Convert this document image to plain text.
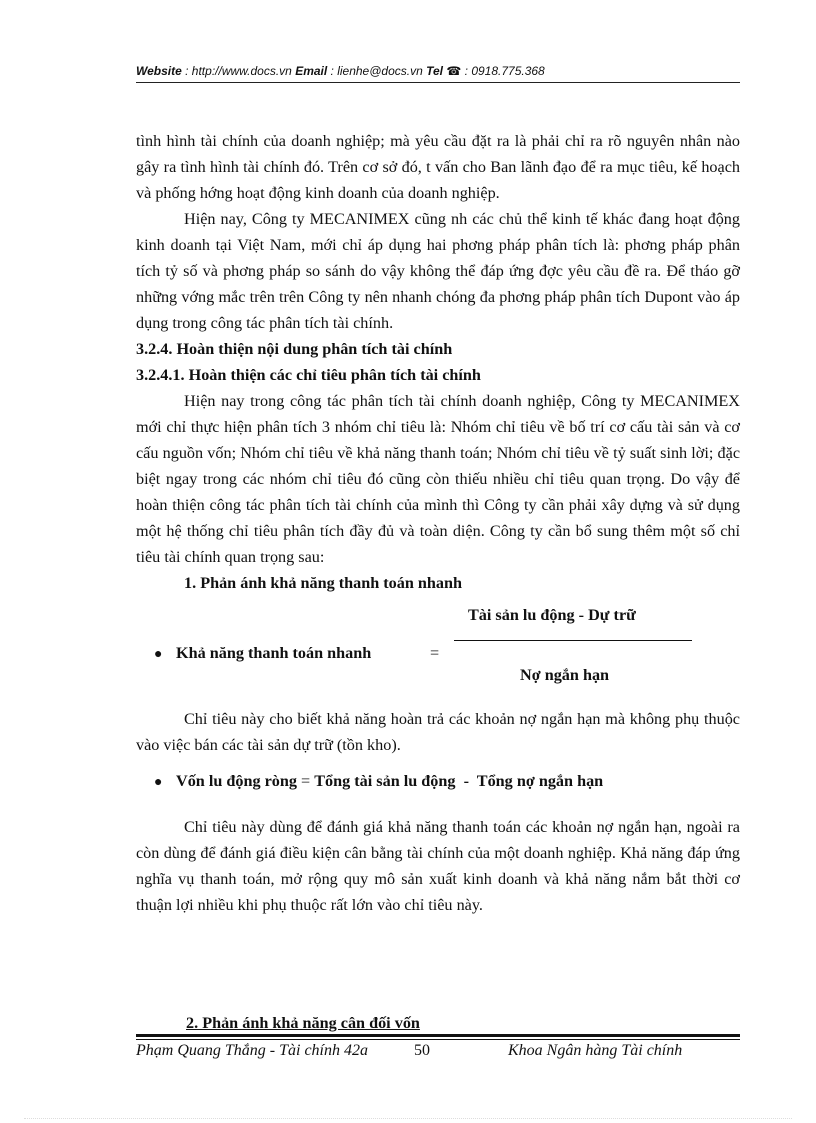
Website : http://www.docs.vn Email : lienhe@docs.vn Tel ☎ : 0918.775.368

tình hình tài chính của doanh nghiệp; mà yêu cầu đặt ra là phải chỉ ra rõ nguyên nhân nào gây ra tình hình tài chính đó. Trên cơ sở đó, t vấn cho Ban lãnh đạo để ra mục tiêu, kế hoạch và phống hớng hoạt động kinh doanh của doanh nghiệp.

Hiện nay, Công ty MECANIMEX cũng nh các chủ thể kinh tế khác đang hoạt động kinh doanh tại Việt Nam, mới chỉ áp dụng hai phơng pháp phân tích là: phơng pháp phân tích tỷ số và phơng pháp so sánh do vậy không thể đáp ứng đợc yêu cầu đề ra. Để tháo gỡ những vớng mắc trên trên Công ty nên nhanh chóng đa phơng pháp phân tích Dupont vào áp dụng trong công tác phân tích tài chính.

3.2.4. Hoàn thiện nội dung phân tích tài chính

3.2.4.1. Hoàn thiện các chỉ tiêu phân tích tài chính

Hiện nay trong công tác phân tích tài chính doanh nghiệp, Công ty MECANIMEX mới chỉ thực hiện phân tích 3 nhóm chỉ tiêu là: Nhóm chỉ tiêu về bố trí cơ cấu tài sản và cơ cấu nguồn vốn; Nhóm chỉ tiêu về khả năng thanh toán; Nhóm chỉ tiêu về tỷ suất sinh lời; đặc biệt ngay trong các nhóm chỉ tiêu đó cũng còn thiếu nhiều chỉ tiêu quan trọng. Do vậy để hoàn thiện công tác phân tích tài chính của mình thì Công ty cần phải xây dựng và sử dụng một hệ thống chỉ tiêu phân tích đầy đủ và toàn diện. Công ty cần bổ sung thêm một số chỉ tiêu tài chính quan trọng sau:

1. Phản ánh khả năng thanh toán nhanh

● Khả năng thanh toán nhanh	=
Tài sản lu động - Dự trữ
Nợ ngắn hạn

Chỉ tiêu này cho biết khả năng hoàn trả các khoản nợ ngắn hạn mà không phụ thuộc vào việc bán các tài sản dự trữ (tồn kho).

● Vốn lu động ròng = Tổng tài sản lu động  -  Tổng nợ ngắn hạn

Chỉ tiêu này dùng để đánh giá khả năng thanh toán các khoản nợ ngắn hạn, ngoài ra còn dùng để đánh giá điều kiện cân bằng tài chính của một doanh nghiệp. Khả năng đáp ứng nghĩa vụ thanh toán, mở rộng quy mô sản xuất kinh doanh và khả năng nắm bắt thời cơ thuận lợi nhiều khi phụ thuộc rất lớn vào chỉ tiêu này.

2. Phản ánh khả năng cân đối vốn
Phạm Quang Thắng - Tài chính 42a	50	Khoa Ngân hàng Tài chính
